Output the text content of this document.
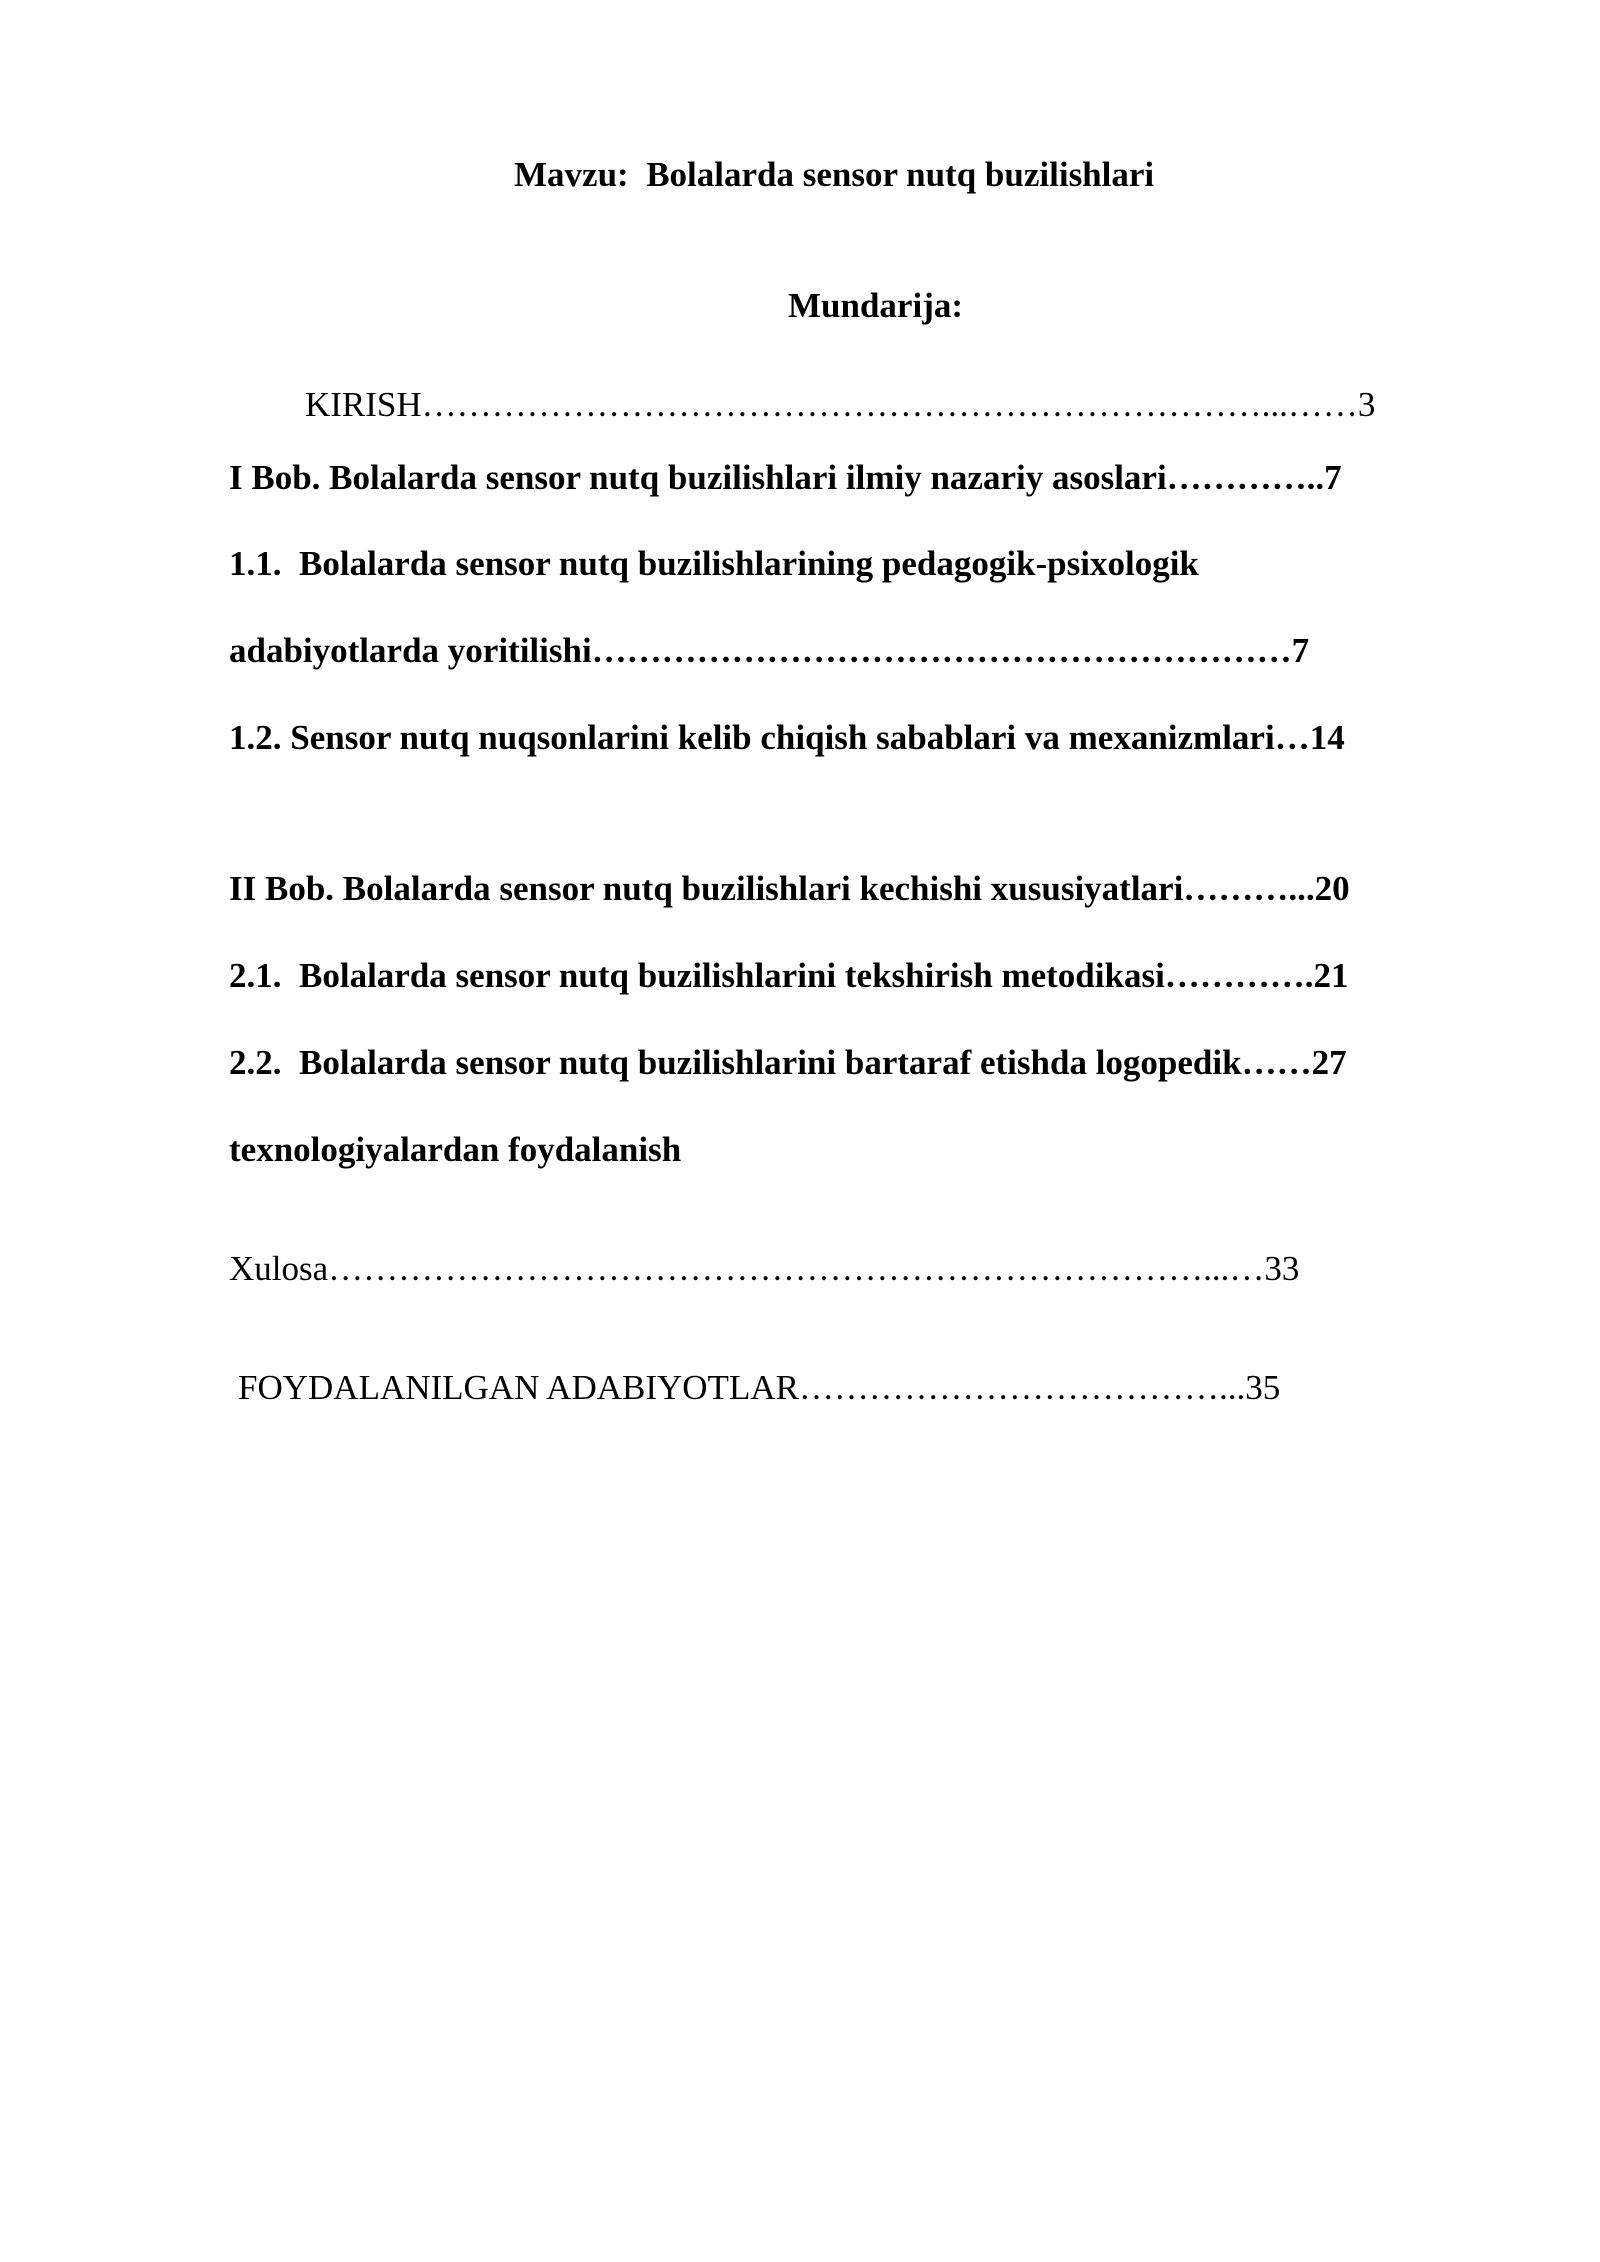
Mavzu:  Bolalarda sensor nutq buzilishlari
Mundarija:
KIRISH………………………………………………………………...……3
I Bob. Bolalarda sensor nutq buzilishlari ilmiy nazariy asoslari…………..7
1.1.  Bolalarda sensor nutq buzilishlarining pedagogik-psixologik
adabiyotlarda yoritilishi……………………………………………………7
1.2. Sensor nutq nuqsonlarini kelib chiqish sabablari va mexanizmlari…14
II Bob. Bolalarda sensor nutq buzilishlari kechishi xususiyatlari………...20
2.1.  Bolalarda sensor nutq buzilishlarini tekshirish metodikasi………….21
2.2.  Bolalarda sensor nutq buzilishlarini bartaraf etishda logopedik……27
texnologiyalardan foydalanish
Xulosa…………………………………………………………………...…33
FOYDALANILGAN ADABIYOTLAR………………………………...35
